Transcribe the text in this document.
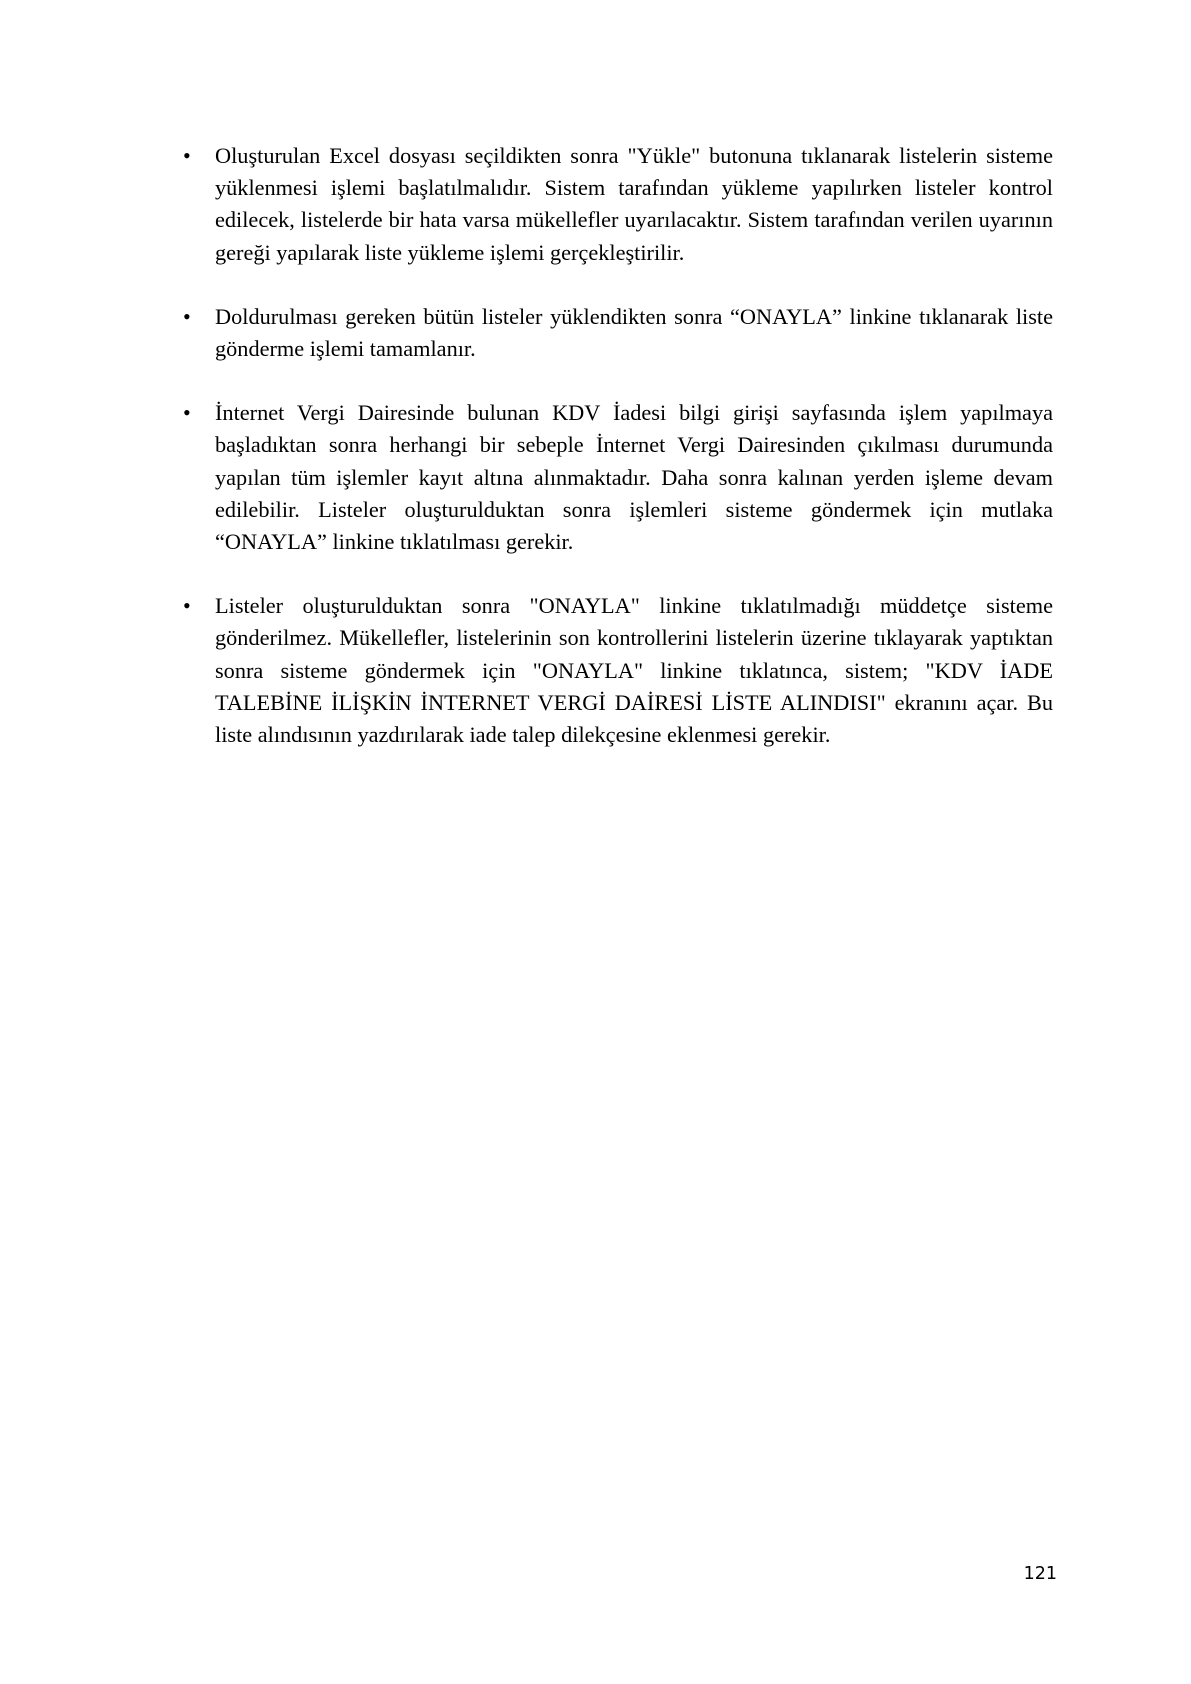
•	Oluşturulan Excel dosyası seçildikten sonra "Yükle" butonuna tıklanarak listelerin sisteme yüklenmesi işlemi başlatılmalıdır. Sistem tarafından yükleme yapılırken listeler kontrol edilecek, listelerde bir hata varsa mükellefler uyarılacaktır. Sistem tarafından verilen uyarının gereği yapılarak liste yükleme işlemi gerçekleştirilir.
•	Doldurulması gereken bütün listeler yüklendikten sonra “ONAYLA” linkine tıklanarak liste gönderme işlemi tamamlanır.
•	İnternet Vergi Dairesinde bulunan KDV İadesi bilgi girişi sayfasında işlem yapılmaya başladıktan sonra herhangi bir sebeple İnternet Vergi Dairesinden çıkılması durumunda yapılan tüm işlemler kayıt altına alınmaktadır. Daha sonra kalınan yerden işleme devam edilebilir. Listeler oluşturulduktan sonra işlemleri sisteme göndermek için mutlaka “ONAYLA” linkine tıklatılması gerekir.
•	Listeler oluşturulduktan sonra "ONAYLA" linkine tıklatılmadığı müddetçe sisteme gönderilmez. Mükellefler, listelerinin son kontrollerini listelerin üzerine tıklayarak yaptıktan sonra sisteme göndermek için "ONAYLA" linkine tıklatınca, sistem; "KDV İADE TALEBİNE İLİŞKİN İNTERNET VERGİ DAİRESİ LİSTE ALINDISI" ekranını açar. Bu liste alındısının yazdırılarak iade talep dilekçesine eklenmesi gerekir.
121
